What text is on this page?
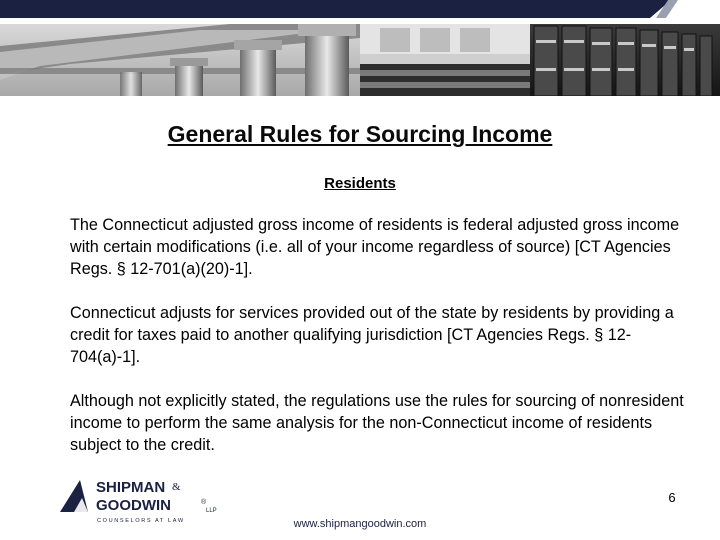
General Rules for Sourcing Income
Residents

The Connecticut adjusted gross income of residents is federal adjusted gross income with certain modifications (i.e. all of your income regardless of source) [CT Agencies Regs. § 12-701(a)(20)-1].

Connecticut adjusts for services provided out of the state by residents by providing a credit for taxes paid to another qualifying jurisdiction [CT Agencies Regs. § 12-704(a)-1].

Although not explicitly stated, the regulations use the rules for sourcing of nonresident income to perform the same analysis for the non-Connecticut income of residents subject to the credit.

SHIPMAN &
GOODWIN	®
LLP
COUNSELORS AT LAW
6
www.shipmangoodwin.com
